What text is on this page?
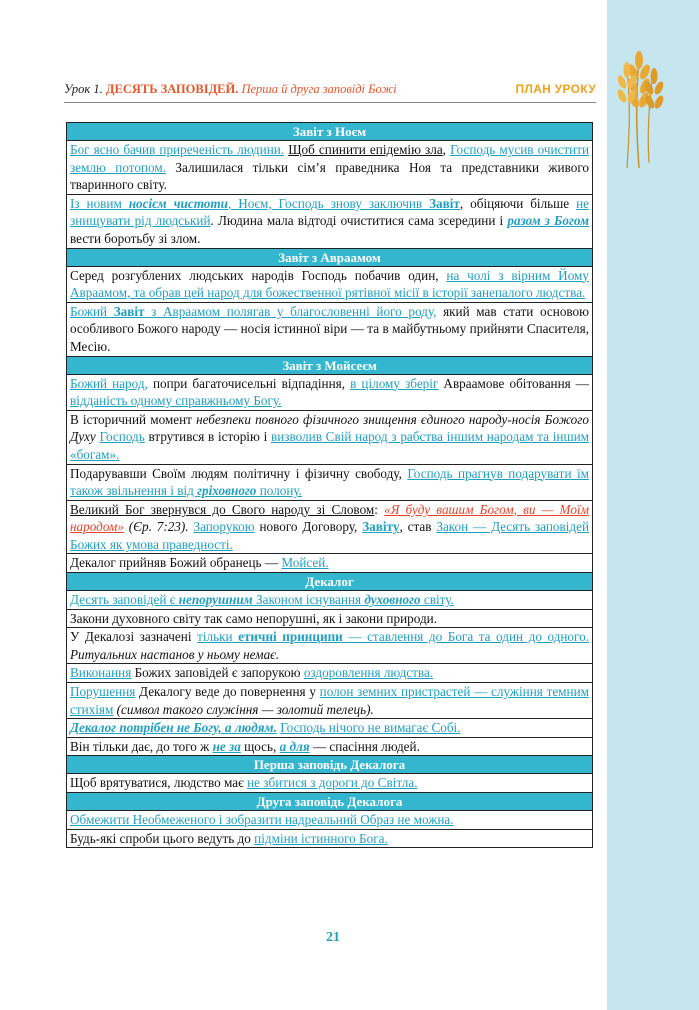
Урок 1. ДЕСЯТЬ ЗАПОВІДЕЙ. Перша й друга заповіді Божі	ПЛАН УРОКУ
Завіт з Ноєм
Бог ясно бачив приреченість людини. Щоб спинити епідемію зла, Господь мусив очистити землю потопом. Залишилася тільки сім’я праведника Ноя та представники живого тваринного світу.
Із новим носієм чистоти, Ноєм, Господь знову заключив Завіт, обіцяючи більше не знищувати рід людський. Людина мала відтоді очиститися сама зсередини і разом з Богом вести боротьбу зі злом.
Завіт з Авраамом
Серед розгублених людських народів Господь побачив один, на чолі з вірним Йому Авраамом, та обрав цей народ для божественної рятівної місії в історії занепалого людства.
Божий Завіт з Авраамом полягав у благословенні його роду, який мав стати основою особливого Божого народу — носія істинної віри — та в майбутньому прийняти Спасителя, Месію.
Завіт з Мойсеєм
Божий народ, попри багаточисельні відпадіння, в цілому зберіг Авраамове обітовання — відданість одному справжньому Богу.
В історичний момент небезпеки повного фізичного знищення єдиного народу-носія Божого Духу Господь втрутився в історію і визволив Свій народ з рабства іншим народам та іншим «богам».
Подарувавши Своїм людям політичну і фізичну свободу, Господь прагнув подарувати їм також звільнення і від гріховного полону.
Великий Бог звернувся до Свого народу зі Словом: «Я буду вашим Богом, ви — Моїм народом» (Єр. 7:23). Запорукою нового Договору, Завіту, став Закон — Десять заповідей Божих як умова праведності.
Декалог прийняв Божий обранець — Мойсей.
Декалог
Десять заповідей є непорушним Законом існування духовного світу.
Закони духовного світу так само непорушні, як і закони природи.
У Декалозі зазначені тільки етичні принципи — ставлення до Бога та один до одного. Ритуальних настанов у ньому немає.
Виконання Божих заповідей є запорукою оздоровлення людства.
Порушення Декалогу веде до повернення у полон земних пристрастей — служіння темним стихіям (символ такого служіння — золотий телець).
Декалог потрібен не Богу, а людям. Господь нічого не вимагає Собі.
Він тільки дає, до того ж не за щось, а для — спасіння людей.
Перша заповідь Декалога
Щоб врятуватися, людство має не збитися з дороги до Світла.
Друга заповідь Декалога
Обмежити Необмеженого і зобразити надреальний Образ не можна.
Будь-які спроби цього ведуть до підміни істинного Бога.
21
